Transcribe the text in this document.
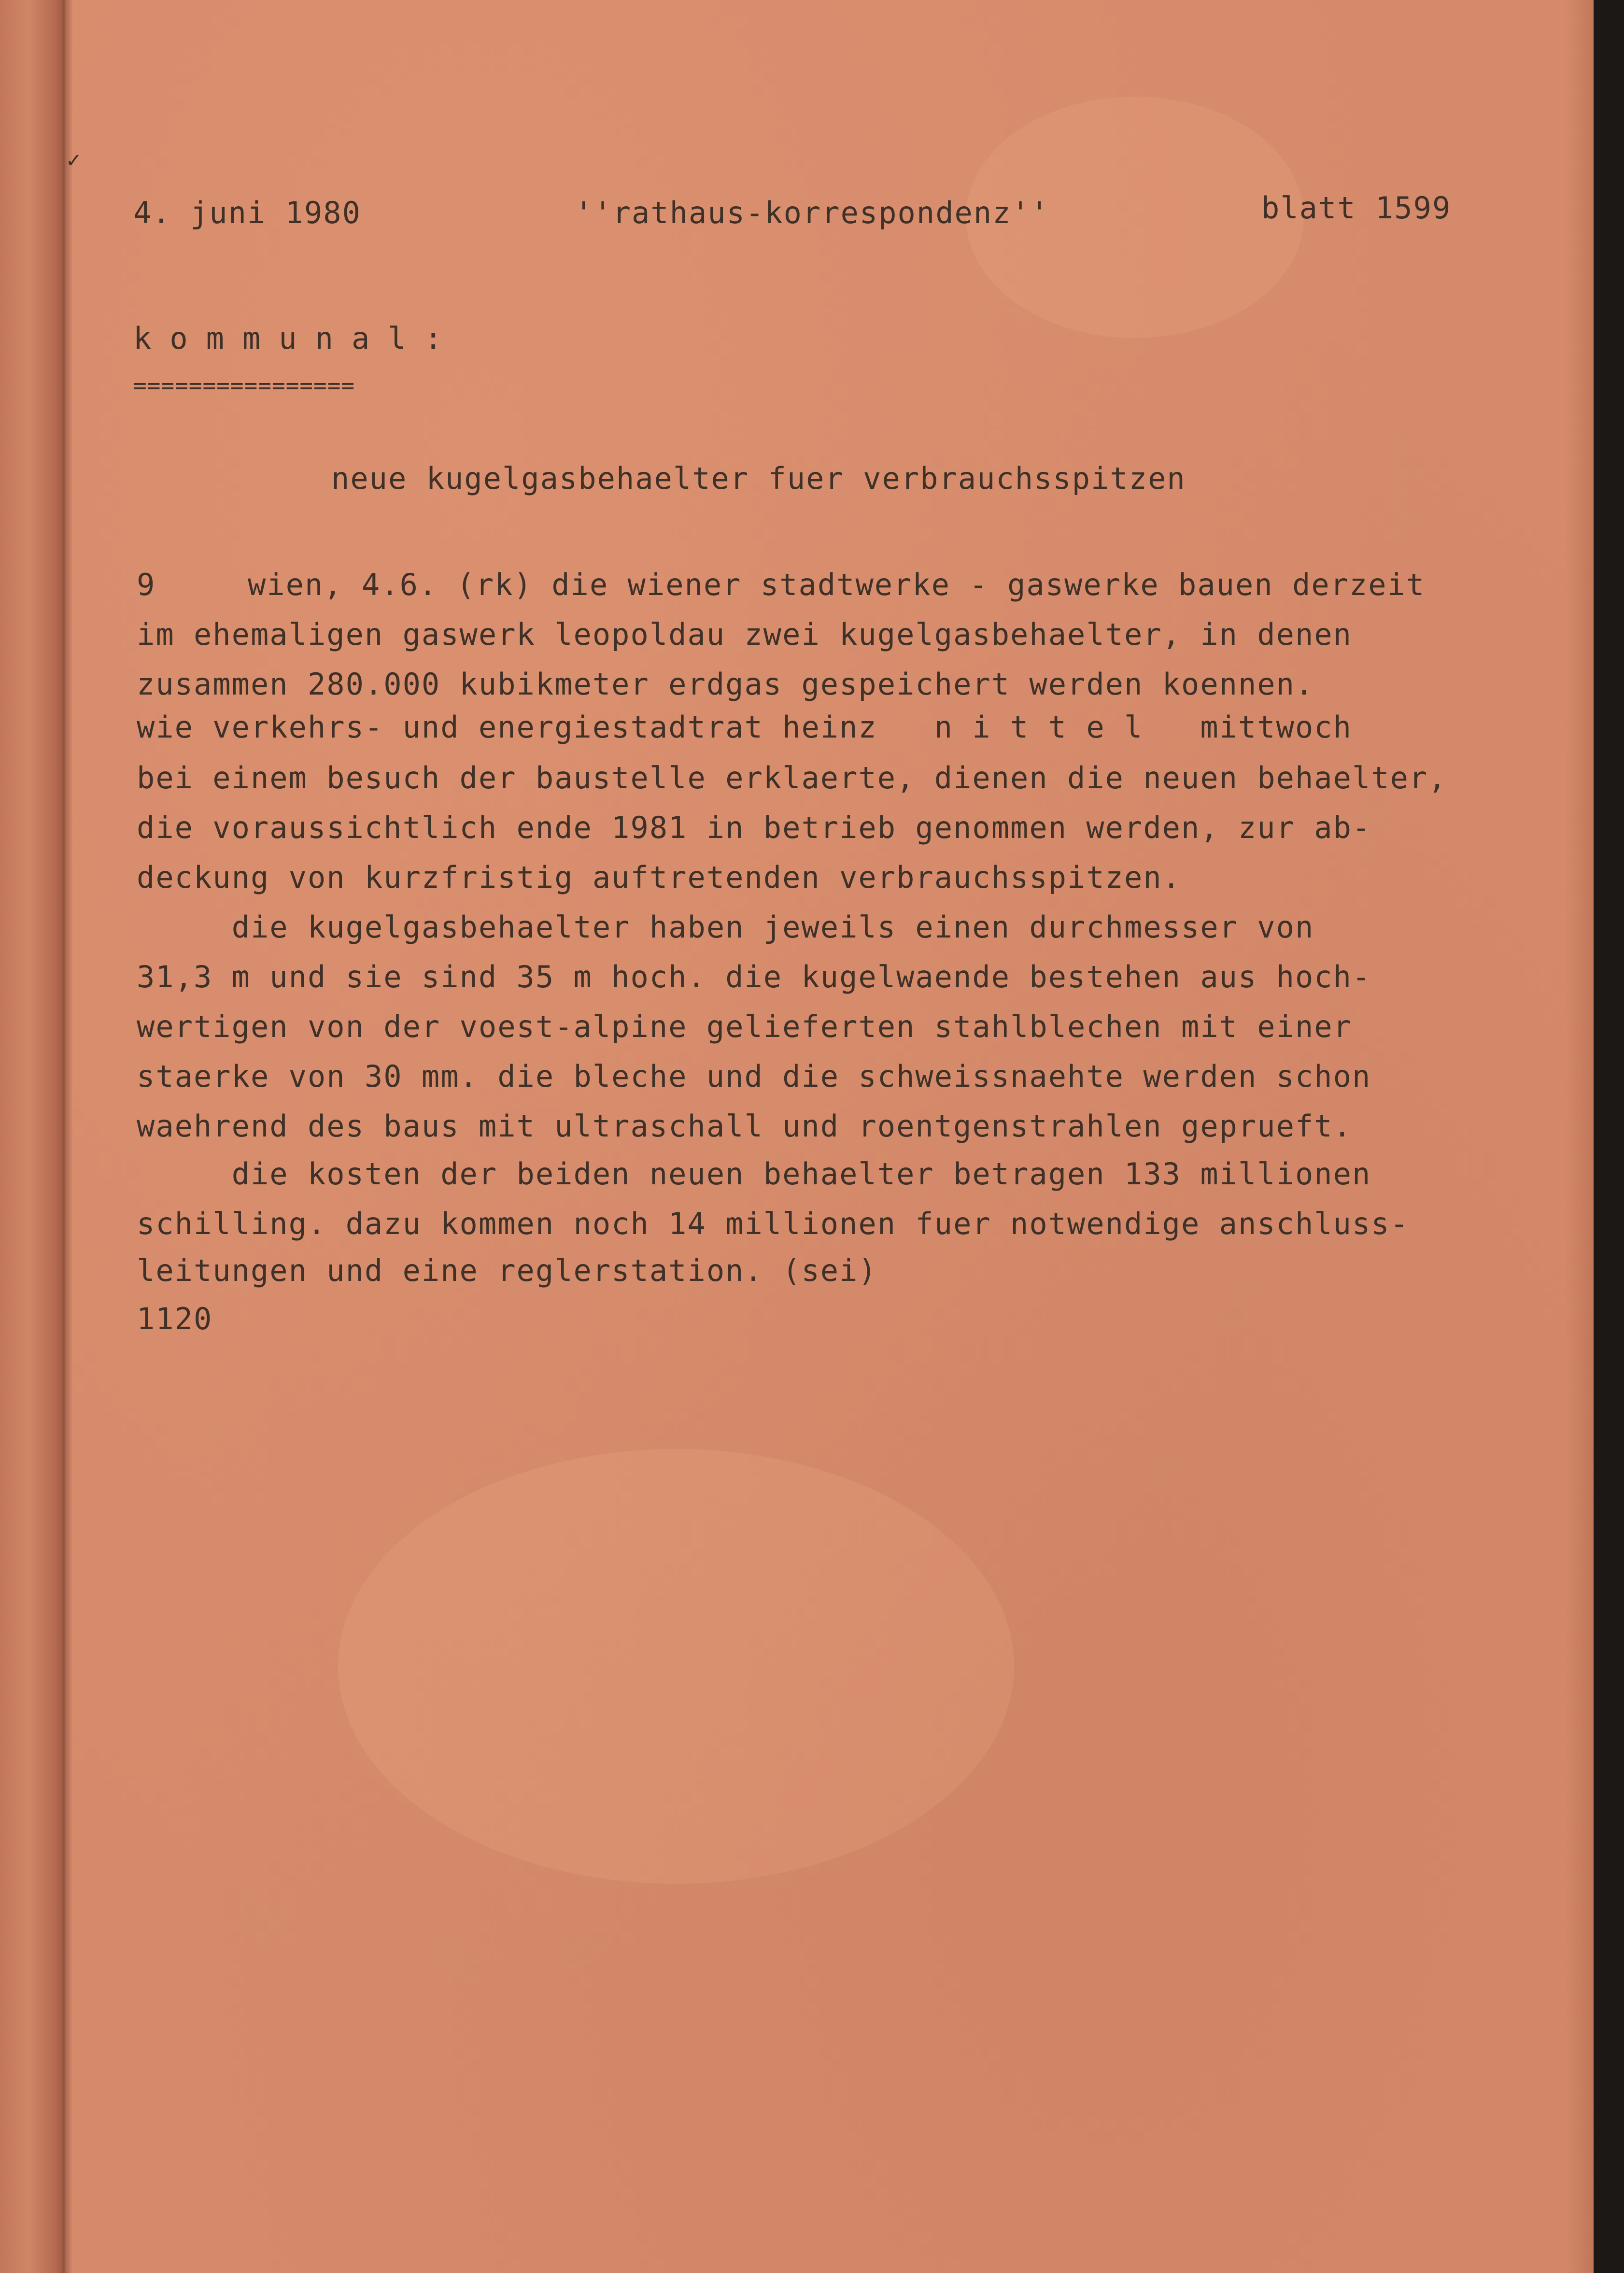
✓
4. juni 1980	''rathaus-korrespondenz''	blatt 1599
kommunal:
================
neue kugelgasbehaelter fuer verbrauchsspitzen
9	wien, 4.6. (rk) die wiener stadtwerke - gaswerke bauen derzeit
im ehemaligen gaswerk leopoldau zwei kugelgasbehaelter, in denen
zusammen 280.000 kubikmeter erdgas gespeichert werden koennen.
wie verkehrs- und energiestadtrat heinz   n i t t e l   mittwoch
bei einem besuch der baustelle erklaerte, dienen die neuen behaelter,
die voraussichtlich ende 1981 in betrieb genommen werden, zur ab-
deckung von kurzfristig auftretenden verbrauchsspitzen.
die kugelgasbehaelter haben jeweils einen durchmesser von
31,3 m und sie sind 35 m hoch. die kugelwaende bestehen aus hoch-
wertigen von der voest-alpine gelieferten stahlblechen mit einer
staerke von 30 mm. die bleche und die schweissnaehte werden schon
waehrend des baus mit ultraschall und roentgenstrahlen geprueft.
die kosten der beiden neuen behaelter betragen 133 millionen
schilling. dazu kommen noch 14 millionen fuer notwendige anschluss-
leitungen und eine reglerstation. (sei)
1120
